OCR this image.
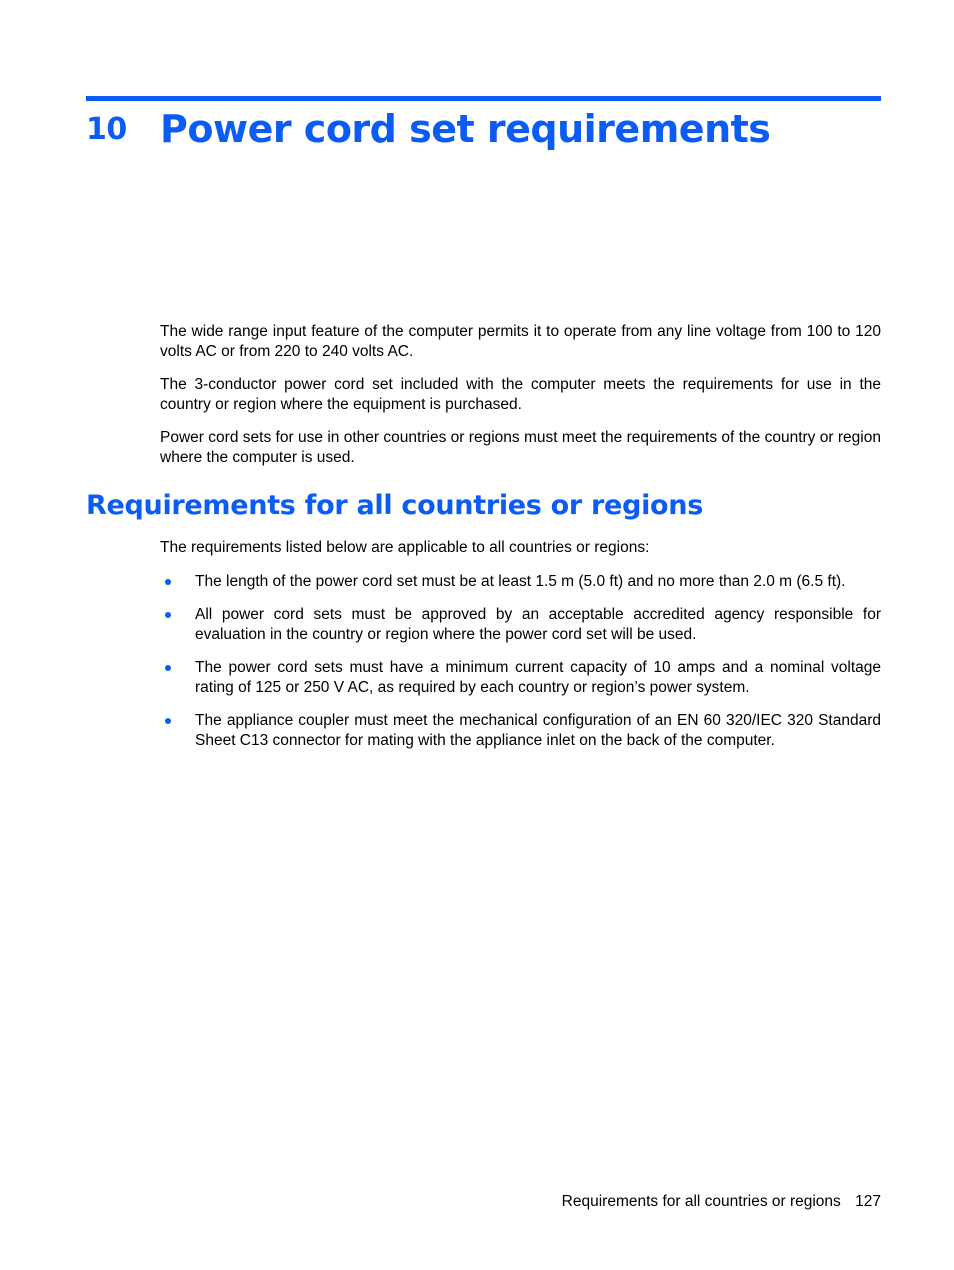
10 Power cord set requirements

The wide range input feature of the computer permits it to operate from any line voltage from 100 to 120 volts AC or from 220 to 240 volts AC.

The 3-conductor power cord set included with the computer meets the requirements for use in the country or region where the equipment is purchased.

Power cord sets for use in other countries or regions must meet the requirements of the country or region where the computer is used.

Requirements for all countries or regions

The requirements listed below are applicable to all countries or regions:

The length of the power cord set must be at least 1.5 m (5.0 ft) and no more than 2.0 m (6.5 ft).
All power cord sets must be approved by an acceptable accredited agency responsible for evaluation in the country or region where the power cord set will be used.
The power cord sets must have a minimum current capacity of 10 amps and a nominal voltage rating of 125 or 250 V AC, as required by each country or region’s power system.
The appliance coupler must meet the mechanical configuration of an EN 60 320/IEC 320 Standard Sheet C13 connector for mating with the appliance inlet on the back of the computer.
Requirements for all countries or regions 127
